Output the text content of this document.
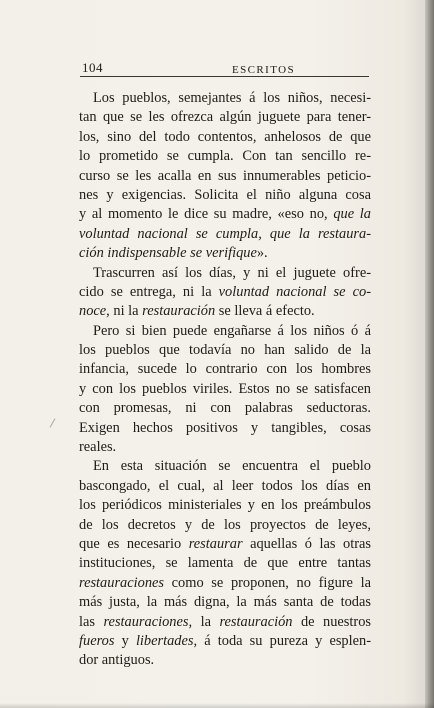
104	ESCRITOS
Los pueblos, semejantes á los niños, necesi-
tan que se les ofrezca algún juguete para tener-
los, sino del todo contentos, anhelosos de que
lo prometido se cumpla. Con tan sencillo re-
curso se les acalla en sus innumerables peticio-
nes y exigencias. Solicita el niño alguna cosa
y al momento le dice su madre, «eso no, que la
voluntad nacional se cumpla, que la restaura-
ción indispensable se verifique».
Trascurren así los días, y ni el juguete ofre-
cido se entrega, ni la voluntad nacional se co-
noce, ni la restauración se lleva á efecto.
Pero si bien puede engañarse á los niños ó á
los pueblos que todavía no han salido de la
infancia, sucede lo contrario con los hombres
y con los pueblos viriles. Estos no se satisfacen
con promesas, ni con palabras seductoras.
Exigen hechos positivos y tangibles, cosas
reales.
En esta situación se encuentra el pueblo
bascongado, el cual, al leer todos los días en
los periódicos ministeriales y en los preámbulos
de los decretos y de los proyectos de leyes,
que es necesario restaurar aquellas ó las otras
instituciones, se lamenta de que entre tantas
restauraciones como se proponen, no figure la
más justa, la más digna, la más santa de todas
las restauraciones, la restauración de nuestros
fueros y libertades, á toda su pureza y esplen-
dor antiguos.
